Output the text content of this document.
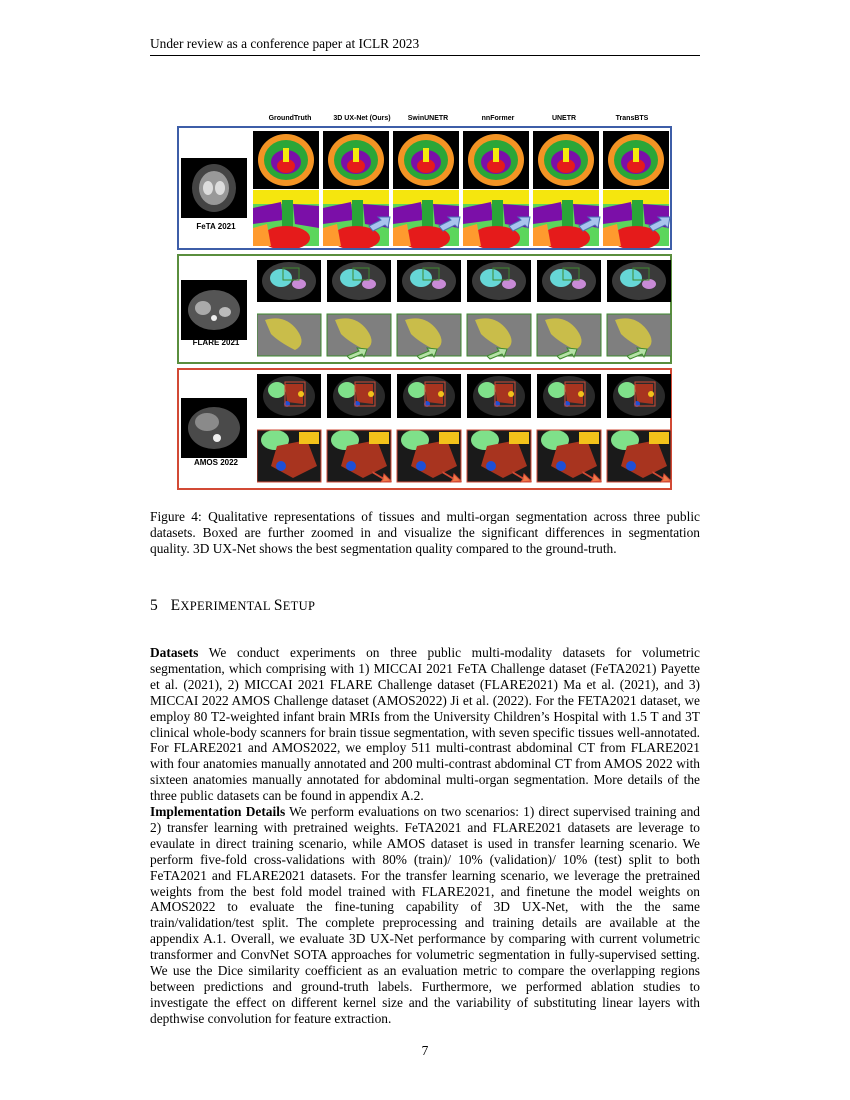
Under review as a conference paper at ICLR 2023
GroundTruth	3D UX-Net (Ours)	SwinUNETR	nnFormer	UNETR	TransBTS
FeTA 2021
FLARE 2021
AMOS 2022
Figure 4: Qualitative representations of tissues and multi-organ segmentation across three public datasets. Boxed are further zoomed in and visualize the significant differences in segmentation quality. 3D UX-Net shows the best segmentation quality compared to the ground-truth.
5 EXPERIMENTAL SETUP
Datasets We conduct experiments on three public multi-modality datasets for volumetric segmentation, which comprising with 1) MICCAI 2021 FeTA Challenge dataset (FeTA2021) Payette et al. (2021), 2) MICCAI 2021 FLARE Challenge dataset (FLARE2021) Ma et al. (2021), and 3) MICCAI 2022 AMOS Challenge dataset (AMOS2022) Ji et al. (2022). For the FETA2021 dataset, we employ 80 T2-weighted infant brain MRIs from the University Children’s Hospital with 1.5 T and 3T clinical whole-body scanners for brain tissue segmentation, with seven specific tissues well-annotated. For FLARE2021 and AMOS2022, we employ 511 multi-contrast abdominal CT from FLARE2021 with four anatomies manually annotated and 200 multi-contrast abdominal CT from AMOS 2022 with sixteen anatomies manually annotated for abdominal multi-organ segmentation. More details of the three public datasets can be found in appendix A.2.
Implementation Details We perform evaluations on two scenarios: 1) direct supervised training and 2) transfer learning with pretrained weights. FeTA2021 and FLARE2021 datasets are leverage to evaulate in direct training scenario, while AMOS dataset is used in transfer learning scenario. We perform five-fold cross-validations with 80% (train)/ 10% (validation)/ 10% (test) split to both FeTA2021 and FLARE2021 datasets. For the transfer learning scenario, we leverage the pretrained weights from the best fold model trained with FLARE2021, and finetune the model weights on AMOS2022 to evaluate the fine-tuning capability of 3D UX-Net, with the the same train/validation/test split. The complete preprocessing and training details are available at the appendix A.1. Overall, we evaluate 3D UX-Net performance by comparing with current volumetric transformer and ConvNet SOTA approaches for volumetric segmentation in fully-supervised setting. We use the Dice similarity coefficient as an evaluation metric to compare the overlapping regions between predictions and ground-truth labels. Furthermore, we performed ablation studies to investigate the effect on different kernel size and the variability of substituting linear layers with depthwise convolution for feature extraction.
7
